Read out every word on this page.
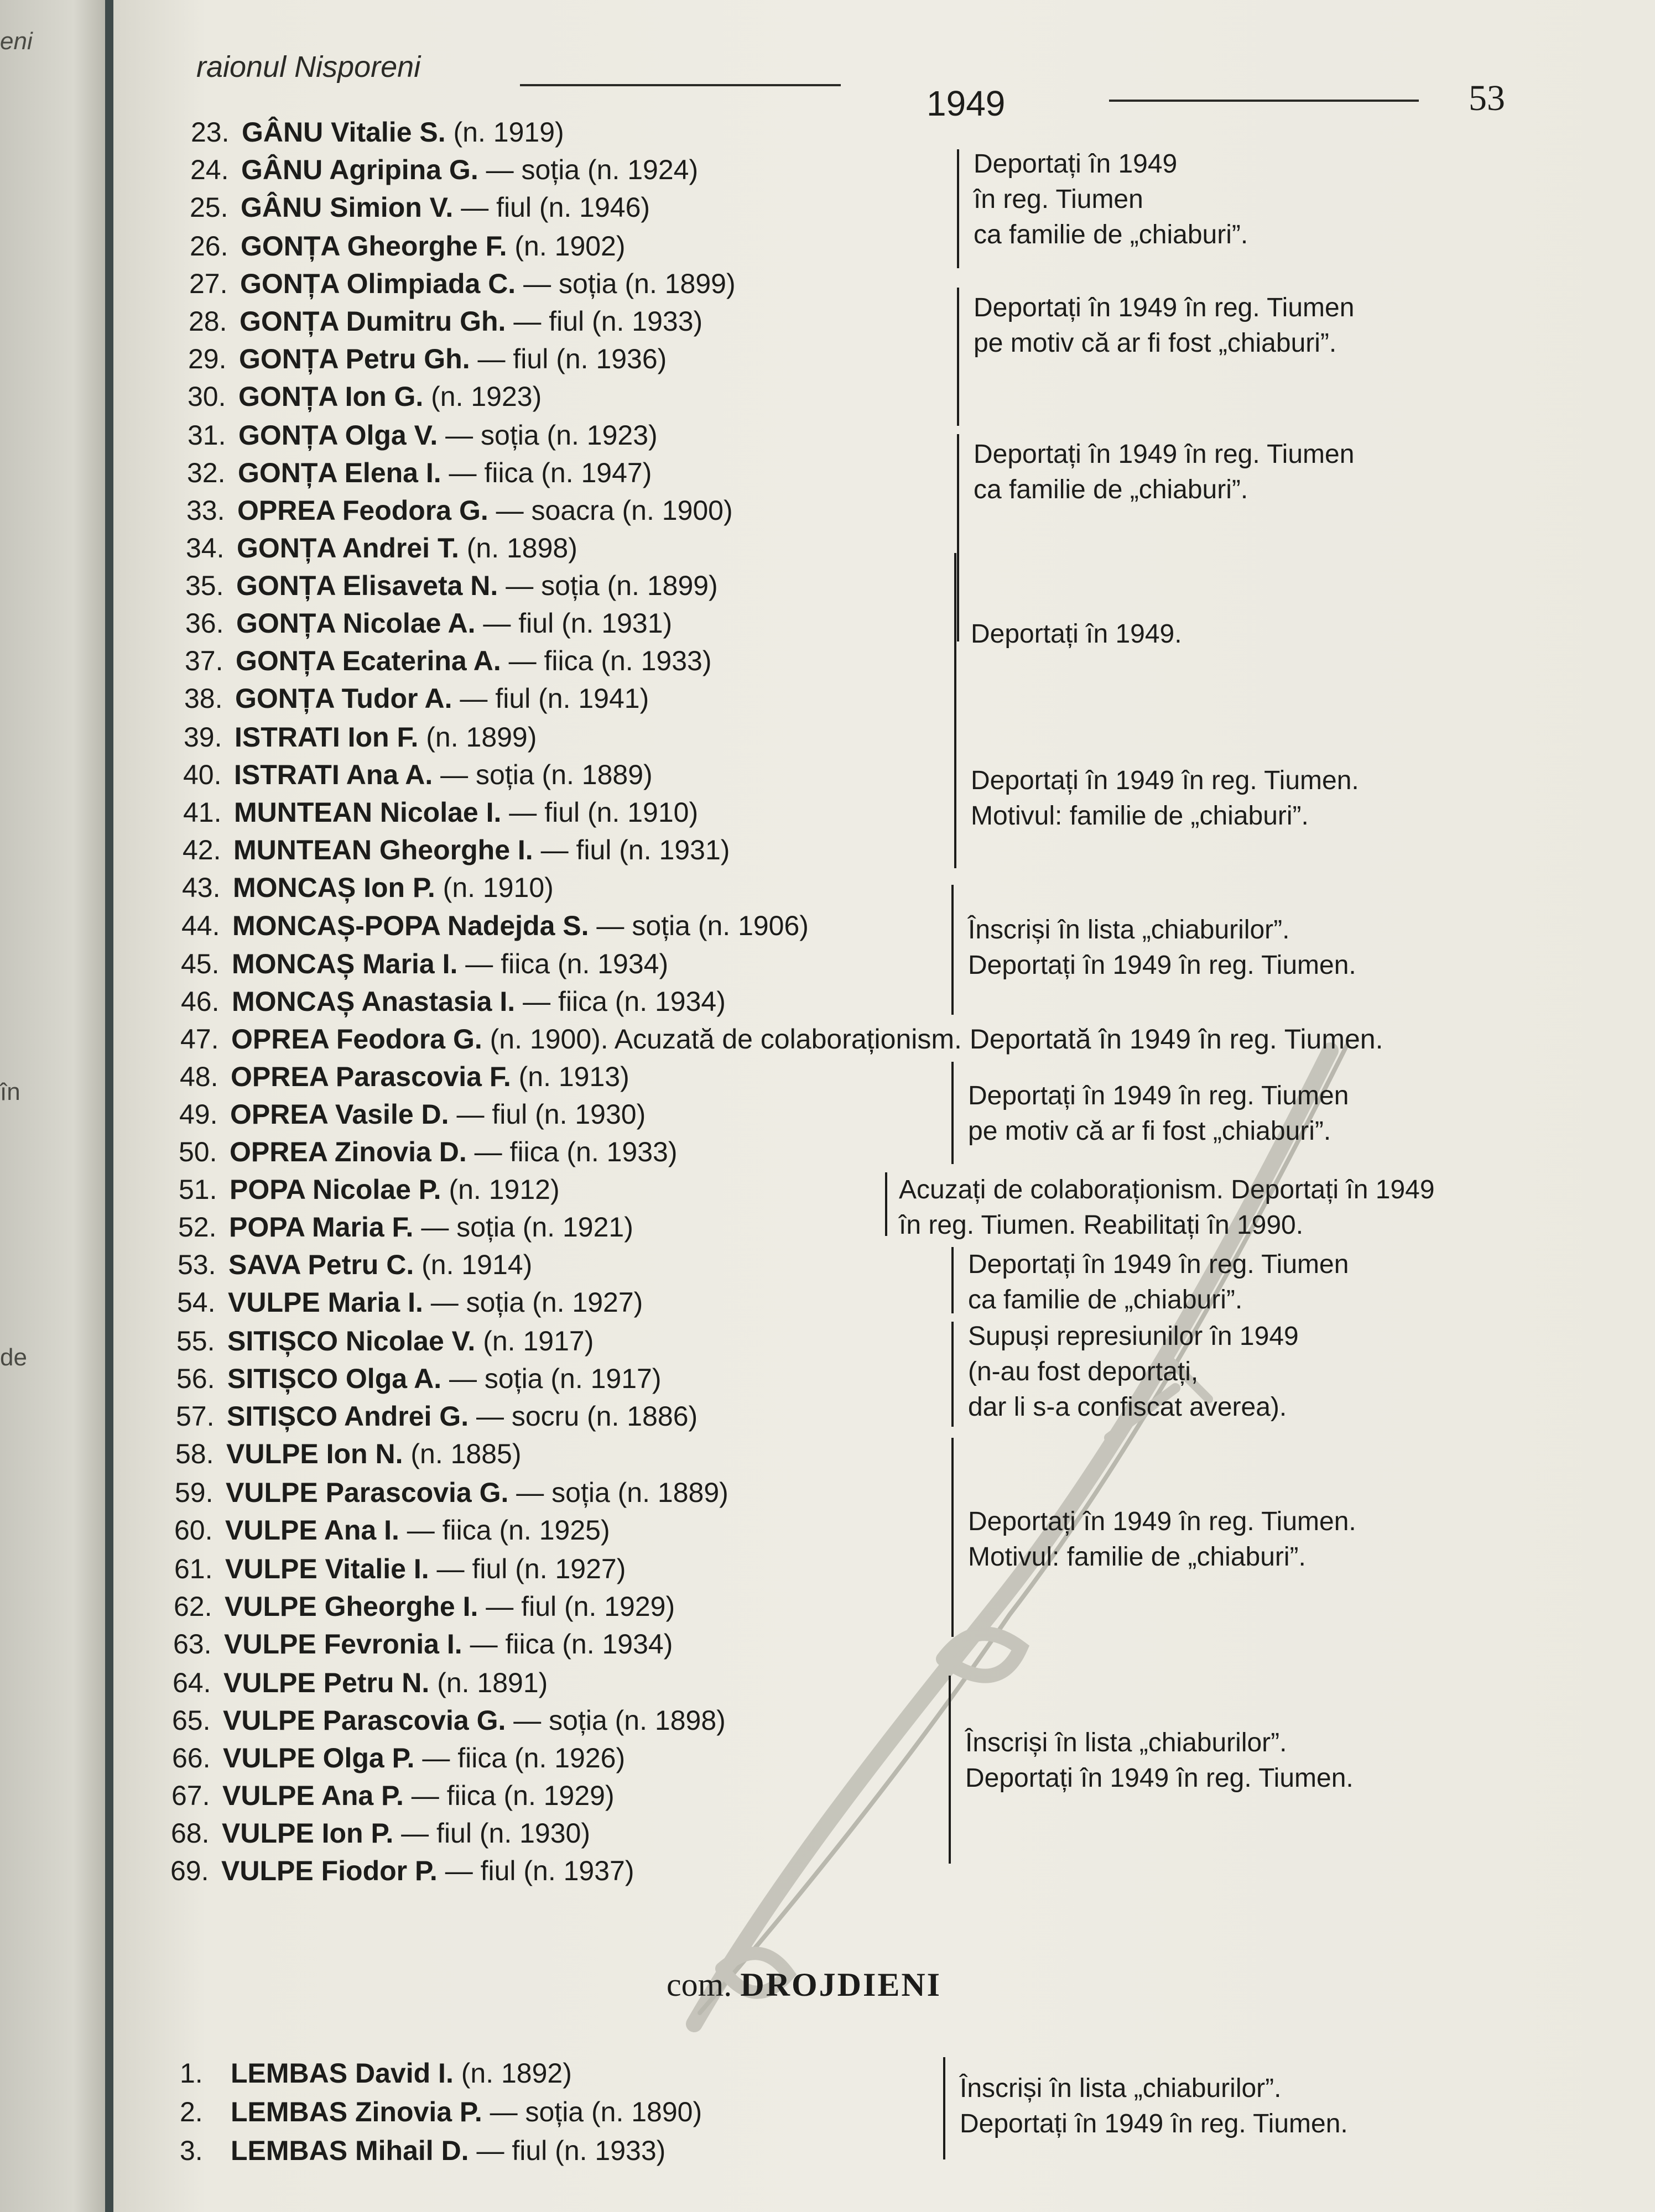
eni
în
de
raionul Nisporeni
1949	53
23. GÂNU Vitalie S. (n. 1919)
24. GÂNU Agripina G. — soția (n. 1924)
25. GÂNU Simion V. — fiul (n. 1946)
26. GONȚA Gheorghe F. (n. 1902)
27. GONȚA Olimpiada C. — soția (n. 1899)
28. GONȚA Dumitru Gh. — fiul (n. 1933)
29. GONȚA Petru Gh. — fiul (n. 1936)
30. GONȚA Ion G. (n. 1923)
31. GONȚA Olga V. — soția (n. 1923)
32. GONȚA Elena I. — fiica (n. 1947)
33. OPREA Feodora G. — soacra (n. 1900)
34. GONȚA Andrei T. (n. 1898)
35. GONȚA Elisaveta N. — soția (n. 1899)
36. GONȚA Nicolae A. — fiul (n. 1931)
37. GONȚA Ecaterina A. — fiica (n. 1933)
38. GONȚA Tudor A. — fiul (n. 1941)
39. ISTRATI Ion F. (n. 1899)
40. ISTRATI Ana A. — soția (n. 1889)
41. MUNTEAN Nicolae I. — fiul (n. 1910)
42. MUNTEAN Gheorghe I. — fiul (n. 1931)
43. MONCAȘ Ion P. (n. 1910)
44. MONCAȘ-POPA Nadejda S. — soția (n. 1906)
45. MONCAȘ Maria I. — fiica (n. 1934)
46. MONCAȘ Anastasia I. — fiica (n. 1934)
47. OPREA Feodora G. (n. 1900). Acuzată de colaboraționism. Deportată în 1949 în reg. Tiumen.
48. OPREA Parascovia F. (n. 1913)
49. OPREA Vasile D. — fiul (n. 1930)
50. OPREA Zinovia D. — fiica (n. 1933)
51. POPA Nicolae P. (n. 1912)
52. POPA Maria F. — soția (n. 1921)
53. SAVA Petru C. (n. 1914)
54. VULPE Maria I. — soția (n. 1927)
55. SITIȘCO Nicolae V. (n. 1917)
56. SITIȘCO Olga A. — soția (n. 1917)
57. SITIȘCO Andrei G. — socru (n. 1886)
58. VULPE Ion N. (n. 1885)
59. VULPE Parascovia G. — soția (n. 1889)
60. VULPE Ana I. — fiica (n. 1925)
61. VULPE Vitalie I. — fiul (n. 1927)
62. VULPE Gheorghe I. — fiul (n. 1929)
63. VULPE Fevronia I. — fiica (n. 1934)
64. VULPE Petru N. (n. 1891)
65. VULPE Parascovia G. — soția (n. 1898)
66. VULPE Olga P. — fiica (n. 1926)
67. VULPE Ana P. — fiica (n. 1929)
68. VULPE Ion P. — fiul (n. 1930)
69. VULPE Fiodor P. — fiul (n. 1937)
Deportați în 1949
în reg. Tiumen
ca familie de „chiaburi”.
Deportați în 1949 în reg. Tiumen
pe motiv că ar fi fost „chiaburi”.
Deportați în 1949 în reg. Tiumen
ca familie de „chiaburi”.
Deportați în 1949.
Deportați în 1949 în reg. Tiumen.
Motivul: familie de „chiaburi”.
Înscriși în lista „chiaburilor”.
Deportați în 1949 în reg. Tiumen.
Deportați în 1949 în reg. Tiumen
pe motiv că ar fi fost „chiaburi”.
Acuzați de colaboraționism. Deportați în 1949
în reg. Tiumen. Reabilitați în 1990.
Deportați în 1949 în reg. Tiumen
ca familie de „chiaburi”.
Supuși represiunilor în 1949
(n-au fost deportați,
dar li s-a confiscat averea).
Deportați în 1949 în reg. Tiumen.
Motivul: familie de „chiaburi”.
Înscriși în lista „chiaburilor”.
Deportați în 1949 în reg. Tiumen.
com. DROJDIENI
1. LEMBAS David I. (n. 1892)
2. LEMBAS Zinovia P. — soția (n. 1890)
3. LEMBAS Mihail D. — fiul (n. 1933)
Înscriși în lista „chiaburilor”.
Deportați în 1949 în reg. Tiumen.
